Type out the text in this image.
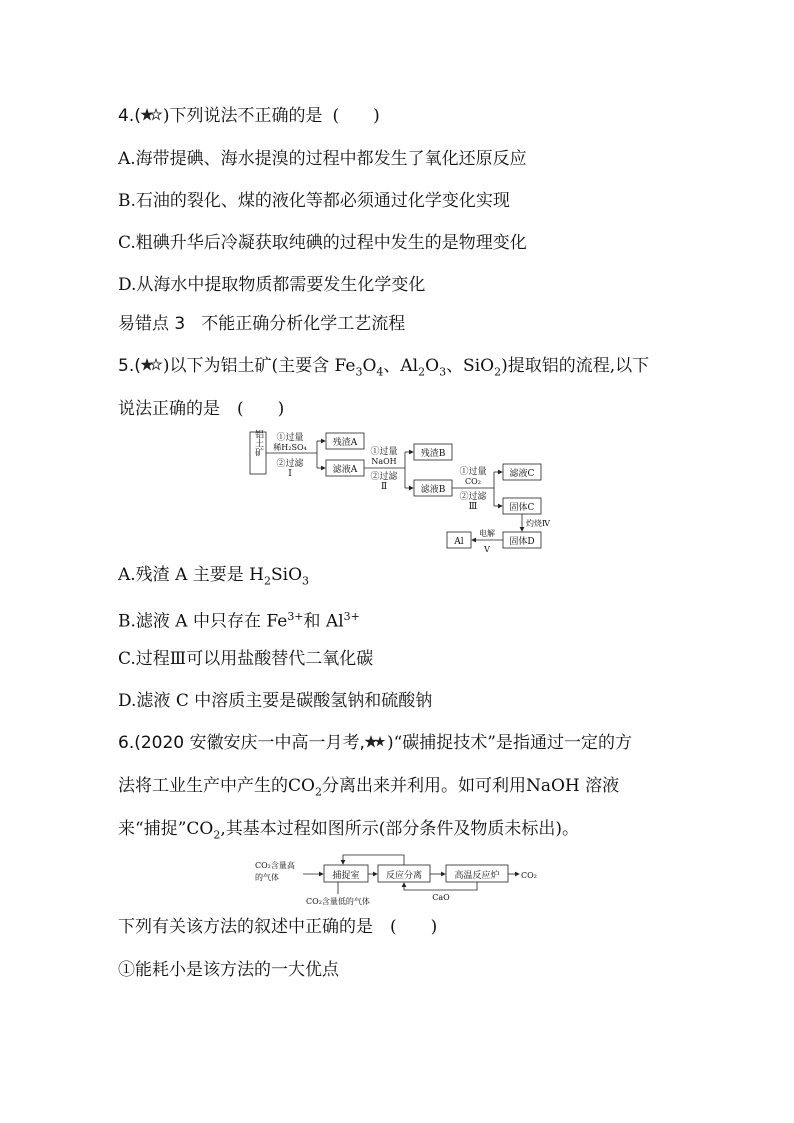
4.( )下列说法不正确的是 (　　)
A.海带提碘、海水提溴的过程中都发生了氧化还原反应
B.石油的裂化、煤的液化等都必须通过化学变化实现
C.粗碘升华后冷凝获取纯碘的过程中发生的是物理变化
D.从海水中提取物质都需要发生化学变化
易错点 3 不能正确分析化学工艺流程
5.( )以下为铝土矿(主要含 $Fe_3O_4$、$Al_2O_3$、SiO$_2$)提取铝的流程,以下
说法正确的是　(　　)
铝土矿 ①过量
稀H₂SO₄
②过滤
Ⅰ
残渣A
滤液A
①过量
NaOH
②过滤
Ⅱ
残渣B
滤液B
①过量
CO₂
②过滤
Ⅲ
滤液C
固体C
灼烧Ⅳ
固体D
电解
Ⅴ
Al
A.残渣 A 主要是 $H_2SiO_3$
B.滤液 A 中只存在 $Fe^{3+}$和 $Al^{3+}$
C.过程Ⅲ可以用盐酸替代二氧化碳
D.滤液 C 中溶质主要是碳酸氢钠和硫酸钠
6.(2020 安徽安庆一中高一月考, )“碳捕捉技术”是指通过一定的方
法将工业生产中产生的$CO_2$分离出来并利用。如可利用NaOH 溶液
来“捕捉$”CO_2$,其基本过程如图所示(部分条件及物质未标出)。
CO₂含量高
的气体	捕捉室	反应分离	高温反应炉	CO₂
CO₂含量低的气体	CaO
下列有关该方法的叙述中正确的是　(　　)
①能耗小是该方法的一大优点
